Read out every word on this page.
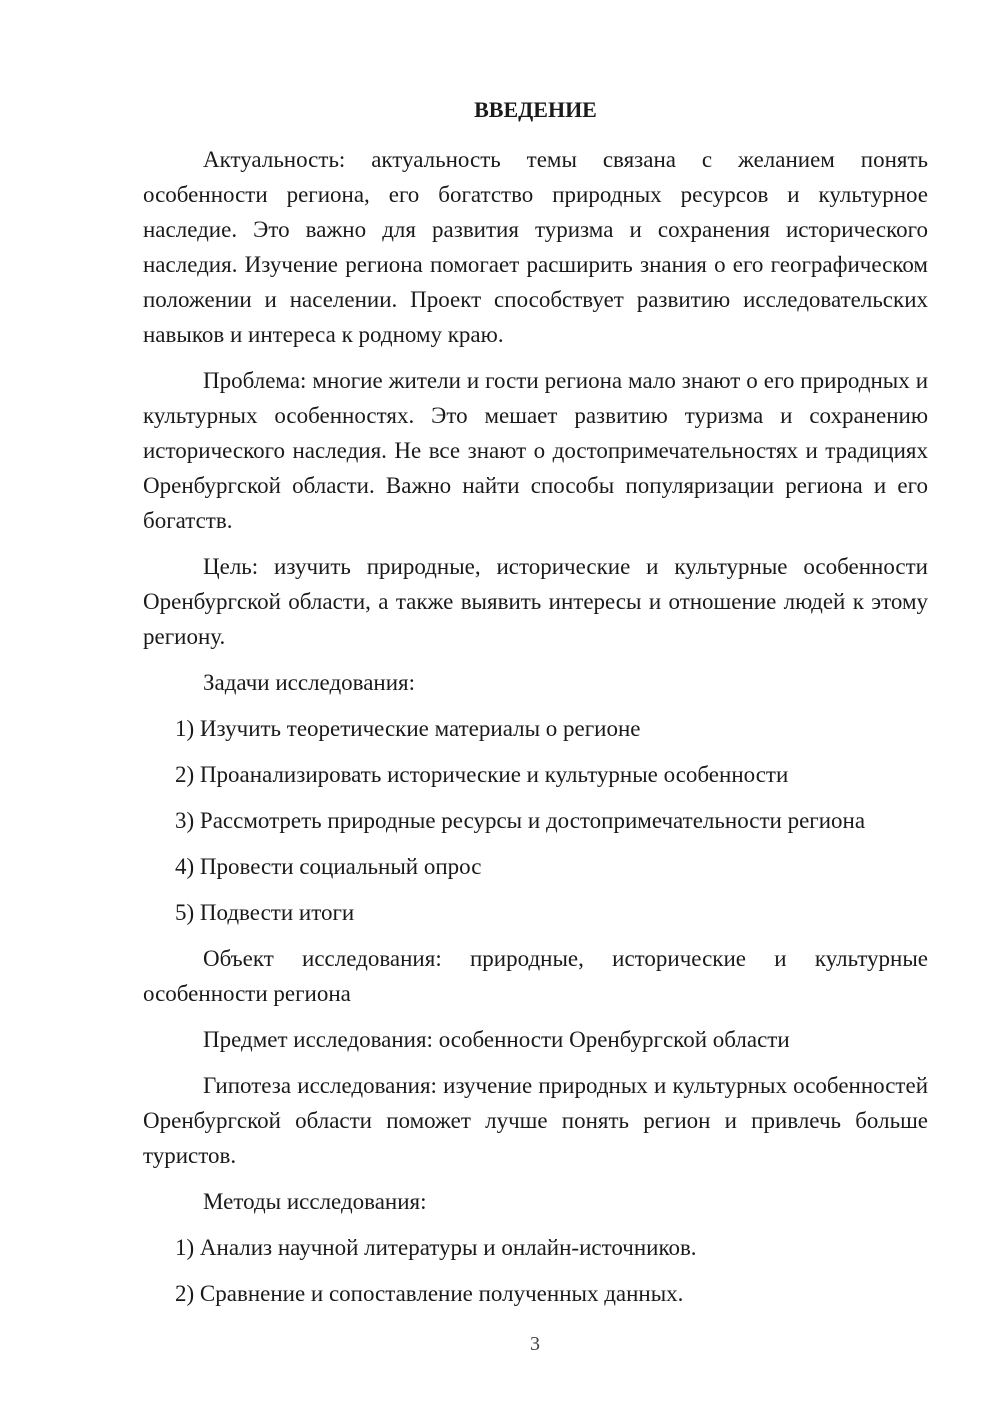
ВВЕДЕНИЕ

Актуальность: актуальность темы связана с желанием понять особенности региона, его богатство природных ресурсов и культурное наследие. Это важно для развития туризма и сохранения исторического наследия. Изучение региона помогает расширить знания о его географическом положении и населении. Проект способствует развитию исследовательских навыков и интереса к родному краю.

Проблема: многие жители и гости региона мало знают о его природных и культурных особенностях. Это мешает развитию туризма и сохранению исторического наследия. Не все знают о достопримечательностях и традициях Оренбургской области. Важно найти способы популяризации региона и его богатств.

Цель: изучить природные, исторические и культурные особенности Оренбургской области, а также выявить интересы и отношение людей к этому региону.

Задачи исследования:

1) Изучить теоретические материалы о регионе
2) Проанализировать исторические и культурные особенности
3) Рассмотреть природные ресурсы и достопримечательности региона
4) Провести социальный опрос
5) Подвести итоги

Объект исследования: природные, исторические и культурные особенности региона

Предмет исследования: особенности Оренбургской области

Гипотеза исследования: изучение природных и культурных особенностей Оренбургской области поможет лучше понять регион и привлечь больше туристов.

Методы исследования:

1) Анализ научной литературы и онлайн-источников.
2) Сравнение и сопоставление полученных данных.
3
